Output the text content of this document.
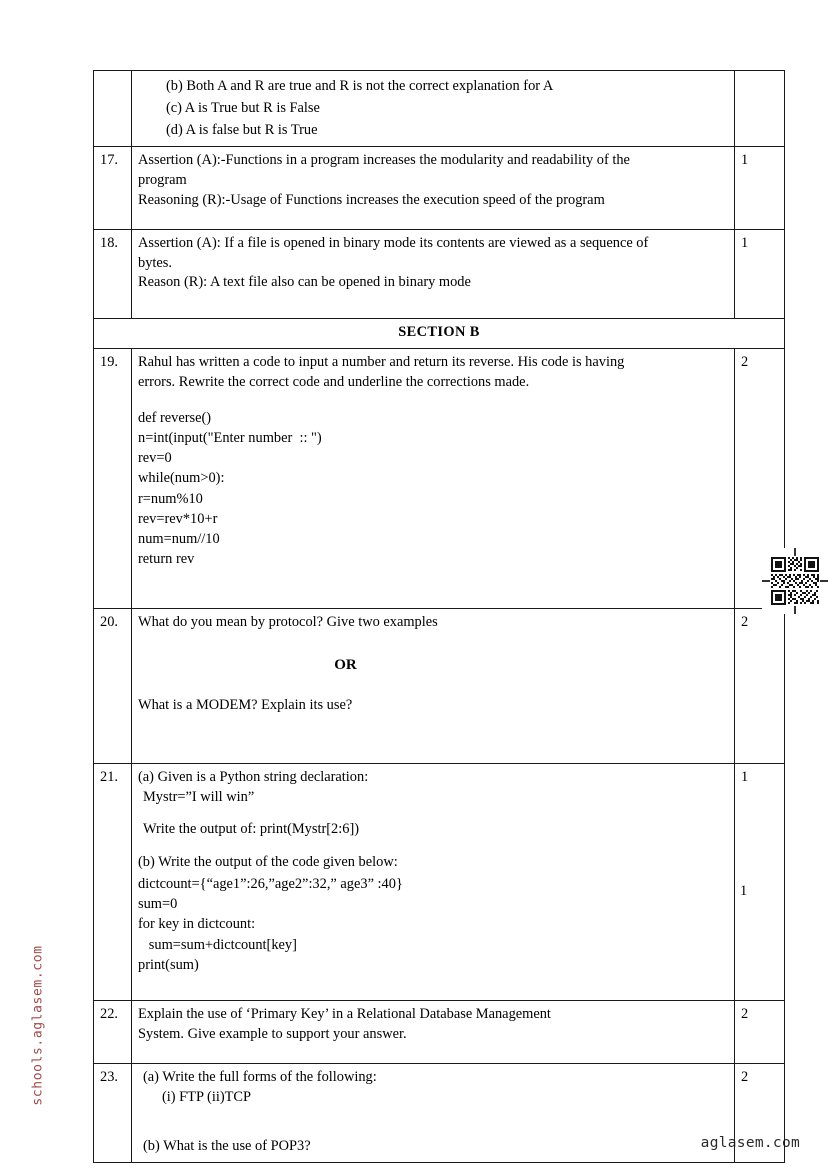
schools.aglasem.com
aglasem.com

	(b) Both A and R are true and R is not the correct explanation for A
(c) A is True but R is False
(d) A is false but R is True	

17.	Assertion (A):-Functions in a program increases the modularity and readability of the
program
Reasoning (R):-Usage of Functions increases the execution speed of the program	1
18.	Assertion (A): If a file is opened in binary mode its contents are viewed as a sequence of
bytes.
Reason (R): A text file also can be opened in binary mode	1
SECTION B		
19.	Rahul has written a code to input a number and return its reverse. His code is having
errors. Rewrite the correct code and underline the corrections made.
def reverse()
n=int(input("Enter number  :: ")
rev=0
while(num>0):
r=num%10
rev=rev*10+r
num=num//10
return rev
	2
20.	What do you mean by protocol? Give two examples
OR
What is a MODEM? Explain its use?	2
21.	(a) Given is a Python string declaration:
Mystr=”I will win”
Write the output of: print(Mystr[2:6])
(b) Write the output of the code given below:
dictcount={“age1”:26,”age2”:32,” age3” :40}
sum=0
for key in dictcount:
sum=sum+dictcount[key]
print(sum)
	1
1

22.	Explain the use of ‘Primary Key’ in a Relational Database Management
System. Give example to support your answer.	2
23.	(a) Write the full forms of the following:
(i) FTP (ii)TCP
(b) What is the use of POP3?	2
